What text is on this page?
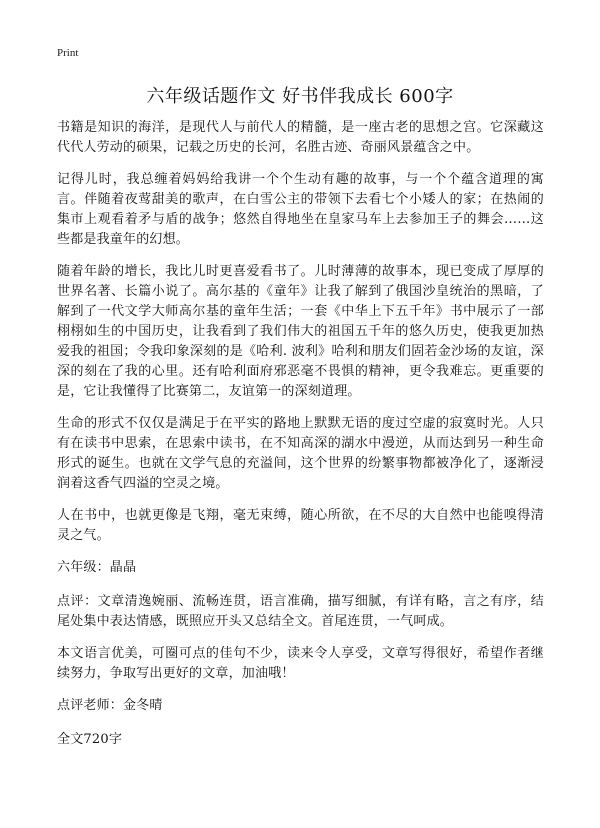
Print
六年级话题作文 好书伴我成长 600字

书籍是知识的海洋，是现代人与前代人的精髓，是一座古老的思想之宫。它深藏这代代人劳动的硕果，记载之历史的长河，名胜古迹、奇丽风景蕴含之中。

记得儿时，我总缠着妈妈给我讲一个个生动有趣的故事，与一个个蕴含道理的寓言。伴随着夜莺甜美的歌声，在白雪公主的带领下去看七个小矮人的家；在热闹的集市上观看着矛与盾的战争；悠然自得地坐在皇家马车上去参加王子的舞会……这些都是我童年的幻想。

随着年龄的增长，我比儿时更喜爱看书了。儿时薄薄的故事本，现已变成了厚厚的世界名著、长篇小说了。高尔基的《童年》让我了解到了俄国沙皇统治的黑暗，了解到了一代文学大师高尔基的童年生活；一套《中华上下五千年》书中展示了一部栩栩如生的中国历史，让我看到了我们伟大的祖国五千年的悠久历史，使我更加热爱我的祖国；令我印象深刻的是《哈利. 波利》哈利和朋友们固若金沙场的友谊，深深的刻在了我的心里。还有哈利面府邪恶毫不畏惧的精神，更令我难忘。更重要的是，它让我懂得了比赛第二，友谊第一的深刻道理。

生命的形式不仅仅是满足于在平实的路地上默默无语的度过空虚的寂寞时光。人只有在读书中思索，在思索中读书，在不知高深的湖水中漫逆，从而达到另一种生命形式的诞生。也就在文学气息的充溢间，这个世界的纷繁事物都被净化了，逐渐浸润着这香气四溢的空灵之境。

人在书中，也就更像是飞翔，毫无束缚，随心所欲，在不尽的大自然中也能嗅得清灵之气。

六年级：晶晶

点评：文章清逸婉丽、流畅连贯，语言准确，描写细腻，有详有略，言之有序，结尾处集中表达情感，既照应开头又总结全文。首尾连贯，一气呵成。

本文语言优美，可圈可点的佳句不少，读来令人享受，文章写得很好，希望作者继续努力，争取写出更好的文章，加油哦！

点评老师：金冬晴

全文720字
